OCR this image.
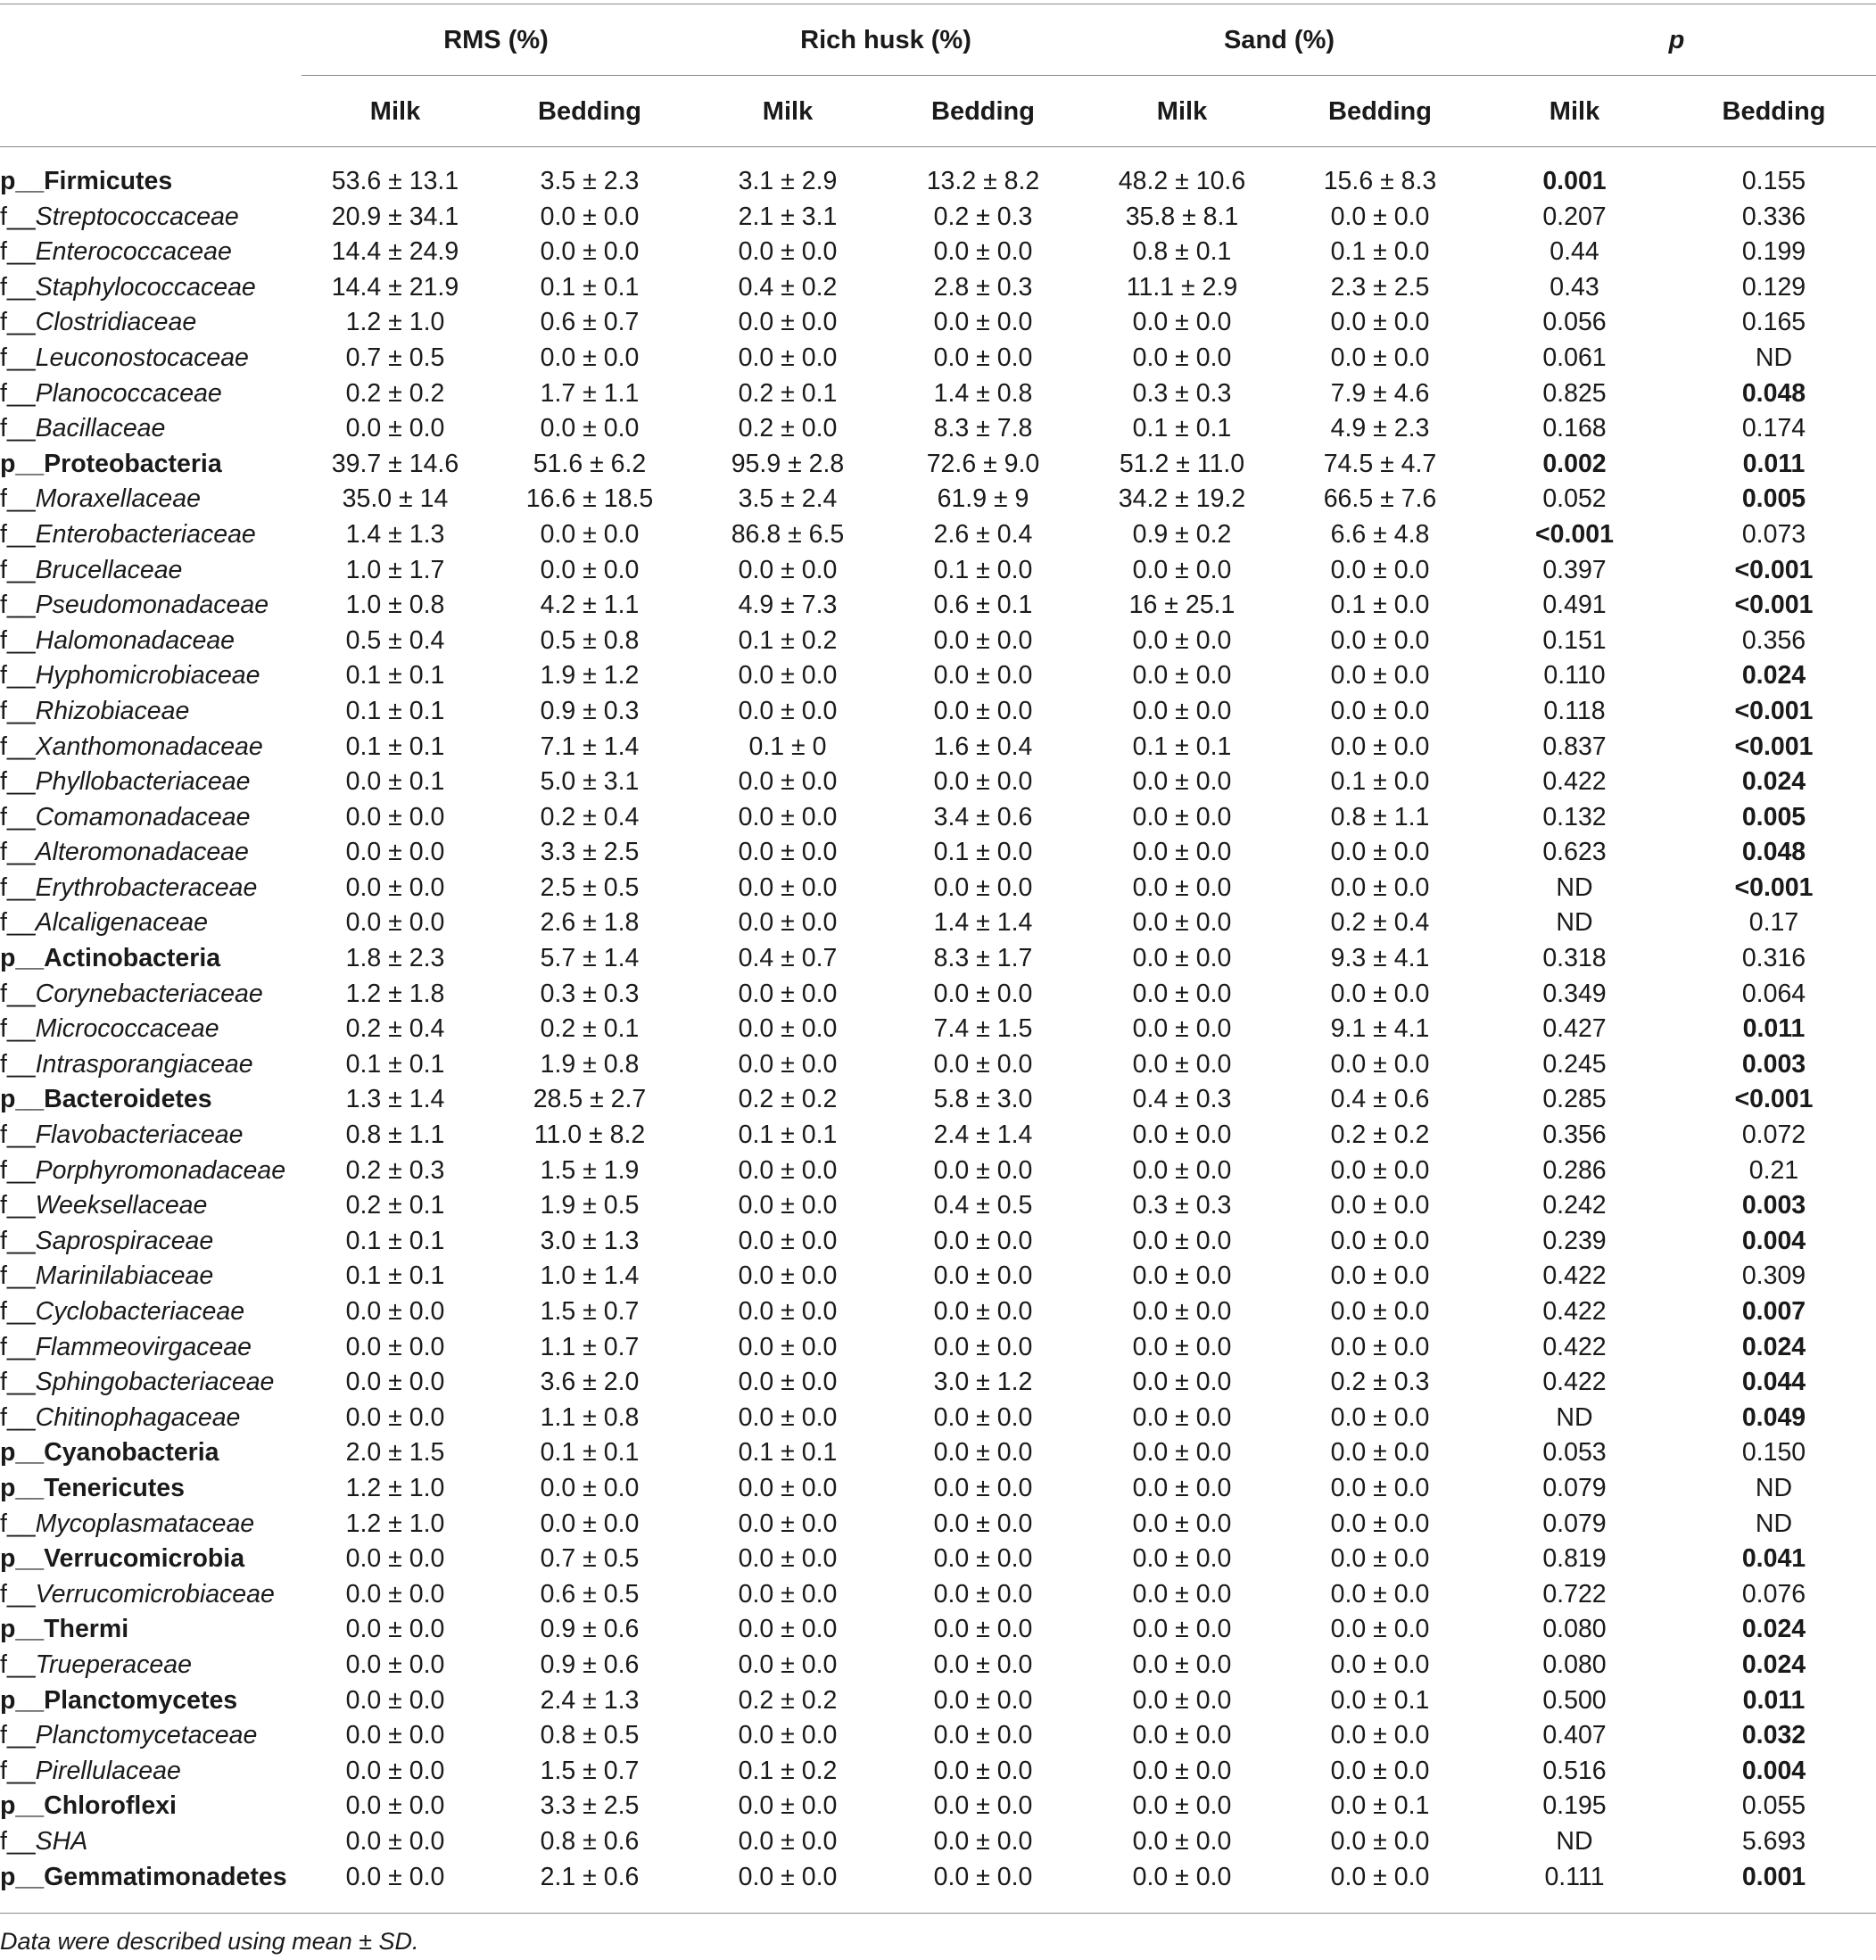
RMS (%)	Rich husk (%)	Sand (%)	p
Milk	Bedding	Milk	Bedding	Milk	Bedding	Milk	Bedding
p__Firmicutes	53.6 ± 13.1	3.5 ± 2.3	3.1 ± 2.9	13.2 ± 8.2	48.2 ± 10.6	15.6 ± 8.3	0.001	0.155
f__Streptococcaceae	20.9 ± 34.1	0.0 ± 0.0	2.1 ± 3.1	0.2 ± 0.3	35.8 ± 8.1	0.0 ± 0.0	0.207	0.336
f__Enterococcaceae	14.4 ± 24.9	0.0 ± 0.0	0.0 ± 0.0	0.0 ± 0.0	0.8 ± 0.1	0.1 ± 0.0	0.44	0.199
f__Staphylococcaceae	14.4 ± 21.9	0.1 ± 0.1	0.4 ± 0.2	2.8 ± 0.3	11.1 ± 2.9	2.3 ± 2.5	0.43	0.129
f__Clostridiaceae	1.2 ± 1.0	0.6 ± 0.7	0.0 ± 0.0	0.0 ± 0.0	0.0 ± 0.0	0.0 ± 0.0	0.056	0.165
f__Leuconostocaceae	0.7 ± 0.5	0.0 ± 0.0	0.0 ± 0.0	0.0 ± 0.0	0.0 ± 0.0	0.0 ± 0.0	0.061	ND
f__Planococcaceae	0.2 ± 0.2	1.7 ± 1.1	0.2 ± 0.1	1.4 ± 0.8	0.3 ± 0.3	7.9 ± 4.6	0.825	0.048
f__Bacillaceae	0.0 ± 0.0	0.0 ± 0.0	0.2 ± 0.0	8.3 ± 7.8	0.1 ± 0.1	4.9 ± 2.3	0.168	0.174
p__Proteobacteria	39.7 ± 14.6	51.6 ± 6.2	95.9 ± 2.8	72.6 ± 9.0	51.2 ± 11.0	74.5 ± 4.7	0.002	0.011
f__Moraxellaceae	35.0 ± 14	16.6 ± 18.5	3.5 ± 2.4	61.9 ± 9	34.2 ± 19.2	66.5 ± 7.6	0.052	0.005
f__Enterobacteriaceae	1.4 ± 1.3	0.0 ± 0.0	86.8 ± 6.5	2.6 ± 0.4	0.9 ± 0.2	6.6 ± 4.8	<0.001	0.073
f__Brucellaceae	1.0 ± 1.7	0.0 ± 0.0	0.0 ± 0.0	0.1 ± 0.0	0.0 ± 0.0	0.0 ± 0.0	0.397	<0.001
f__Pseudomonadaceae	1.0 ± 0.8	4.2 ± 1.1	4.9 ± 7.3	0.6 ± 0.1	16 ± 25.1	0.1 ± 0.0	0.491	<0.001
f__Halomonadaceae	0.5 ± 0.4	0.5 ± 0.8	0.1 ± 0.2	0.0 ± 0.0	0.0 ± 0.0	0.0 ± 0.0	0.151	0.356
f__Hyphomicrobiaceae	0.1 ± 0.1	1.9 ± 1.2	0.0 ± 0.0	0.0 ± 0.0	0.0 ± 0.0	0.0 ± 0.0	0.110	0.024
f__Rhizobiaceae	0.1 ± 0.1	0.9 ± 0.3	0.0 ± 0.0	0.0 ± 0.0	0.0 ± 0.0	0.0 ± 0.0	0.118	<0.001
f__Xanthomonadaceae	0.1 ± 0.1	7.1 ± 1.4	0.1 ± 0	1.6 ± 0.4	0.1 ± 0.1	0.0 ± 0.0	0.837	<0.001
f__Phyllobacteriaceae	0.0 ± 0.1	5.0 ± 3.1	0.0 ± 0.0	0.0 ± 0.0	0.0 ± 0.0	0.1 ± 0.0	0.422	0.024
f__Comamonadaceae	0.0 ± 0.0	0.2 ± 0.4	0.0 ± 0.0	3.4 ± 0.6	0.0 ± 0.0	0.8 ± 1.1	0.132	0.005
f__Alteromonadaceae	0.0 ± 0.0	3.3 ± 2.5	0.0 ± 0.0	0.1 ± 0.0	0.0 ± 0.0	0.0 ± 0.0	0.623	0.048
f__Erythrobacteraceae	0.0 ± 0.0	2.5 ± 0.5	0.0 ± 0.0	0.0 ± 0.0	0.0 ± 0.0	0.0 ± 0.0	ND	<0.001
f__Alcaligenaceae	0.0 ± 0.0	2.6 ± 1.8	0.0 ± 0.0	1.4 ± 1.4	0.0 ± 0.0	0.2 ± 0.4	ND	0.17
p__Actinobacteria	1.8 ± 2.3	5.7 ± 1.4	0.4 ± 0.7	8.3 ± 1.7	0.0 ± 0.0	9.3 ± 4.1	0.318	0.316
f__Corynebacteriaceae	1.2 ± 1.8	0.3 ± 0.3	0.0 ± 0.0	0.0 ± 0.0	0.0 ± 0.0	0.0 ± 0.0	0.349	0.064
f__Micrococcaceae	0.2 ± 0.4	0.2 ± 0.1	0.0 ± 0.0	7.4 ± 1.5	0.0 ± 0.0	9.1 ± 4.1	0.427	0.011
f__Intrasporangiaceae	0.1 ± 0.1	1.9 ± 0.8	0.0 ± 0.0	0.0 ± 0.0	0.0 ± 0.0	0.0 ± 0.0	0.245	0.003
p__Bacteroidetes	1.3 ± 1.4	28.5 ± 2.7	0.2 ± 0.2	5.8 ± 3.0	0.4 ± 0.3	0.4 ± 0.6	0.285	<0.001
f__Flavobacteriaceae	0.8 ± 1.1	11.0 ± 8.2	0.1 ± 0.1	2.4 ± 1.4	0.0 ± 0.0	0.2 ± 0.2	0.356	0.072
f__Porphyromonadaceae	0.2 ± 0.3	1.5 ± 1.9	0.0 ± 0.0	0.0 ± 0.0	0.0 ± 0.0	0.0 ± 0.0	0.286	0.21
f__Weeksellaceae	0.2 ± 0.1	1.9 ± 0.5	0.0 ± 0.0	0.4 ± 0.5	0.3 ± 0.3	0.0 ± 0.0	0.242	0.003
f__Saprospiraceae	0.1 ± 0.1	3.0 ± 1.3	0.0 ± 0.0	0.0 ± 0.0	0.0 ± 0.0	0.0 ± 0.0	0.239	0.004
f__Marinilabiaceae	0.1 ± 0.1	1.0 ± 1.4	0.0 ± 0.0	0.0 ± 0.0	0.0 ± 0.0	0.0 ± 0.0	0.422	0.309
f__Cyclobacteriaceae	0.0 ± 0.0	1.5 ± 0.7	0.0 ± 0.0	0.0 ± 0.0	0.0 ± 0.0	0.0 ± 0.0	0.422	0.007
f__Flammeovirgaceae	0.0 ± 0.0	1.1 ± 0.7	0.0 ± 0.0	0.0 ± 0.0	0.0 ± 0.0	0.0 ± 0.0	0.422	0.024
f__Sphingobacteriaceae	0.0 ± 0.0	3.6 ± 2.0	0.0 ± 0.0	3.0 ± 1.2	0.0 ± 0.0	0.2 ± 0.3	0.422	0.044
f__Chitinophagaceae	0.0 ± 0.0	1.1 ± 0.8	0.0 ± 0.0	0.0 ± 0.0	0.0 ± 0.0	0.0 ± 0.0	ND	0.049
p__Cyanobacteria	2.0 ± 1.5	0.1 ± 0.1	0.1 ± 0.1	0.0 ± 0.0	0.0 ± 0.0	0.0 ± 0.0	0.053	0.150
p__Tenericutes	1.2 ± 1.0	0.0 ± 0.0	0.0 ± 0.0	0.0 ± 0.0	0.0 ± 0.0	0.0 ± 0.0	0.079	ND
f__Mycoplasmataceae	1.2 ± 1.0	0.0 ± 0.0	0.0 ± 0.0	0.0 ± 0.0	0.0 ± 0.0	0.0 ± 0.0	0.079	ND
p__Verrucomicrobia	0.0 ± 0.0	0.7 ± 0.5	0.0 ± 0.0	0.0 ± 0.0	0.0 ± 0.0	0.0 ± 0.0	0.819	0.041
f__Verrucomicrobiaceae	0.0 ± 0.0	0.6 ± 0.5	0.0 ± 0.0	0.0 ± 0.0	0.0 ± 0.0	0.0 ± 0.0	0.722	0.076
p__Thermi	0.0 ± 0.0	0.9 ± 0.6	0.0 ± 0.0	0.0 ± 0.0	0.0 ± 0.0	0.0 ± 0.0	0.080	0.024
f__Trueperaceae	0.0 ± 0.0	0.9 ± 0.6	0.0 ± 0.0	0.0 ± 0.0	0.0 ± 0.0	0.0 ± 0.0	0.080	0.024
p__Planctomycetes	0.0 ± 0.0	2.4 ± 1.3	0.2 ± 0.2	0.0 ± 0.0	0.0 ± 0.0	0.0 ± 0.1	0.500	0.011
f__Planctomycetaceae	0.0 ± 0.0	0.8 ± 0.5	0.0 ± 0.0	0.0 ± 0.0	0.0 ± 0.0	0.0 ± 0.0	0.407	0.032
f__Pirellulaceae	0.0 ± 0.0	1.5 ± 0.7	0.1 ± 0.2	0.0 ± 0.0	0.0 ± 0.0	0.0 ± 0.0	0.516	0.004
p__Chloroflexi	0.0 ± 0.0	3.3 ± 2.5	0.0 ± 0.0	0.0 ± 0.0	0.0 ± 0.0	0.0 ± 0.1	0.195	0.055
f__SHA	0.0 ± 0.0	0.8 ± 0.6	0.0 ± 0.0	0.0 ± 0.0	0.0 ± 0.0	0.0 ± 0.0	ND	5.693
p__Gemmatimonadetes	0.0 ± 0.0	2.1 ± 0.6	0.0 ± 0.0	0.0 ± 0.0	0.0 ± 0.0	0.0 ± 0.0	0.111	0.001
Data were described using mean ± SD.
